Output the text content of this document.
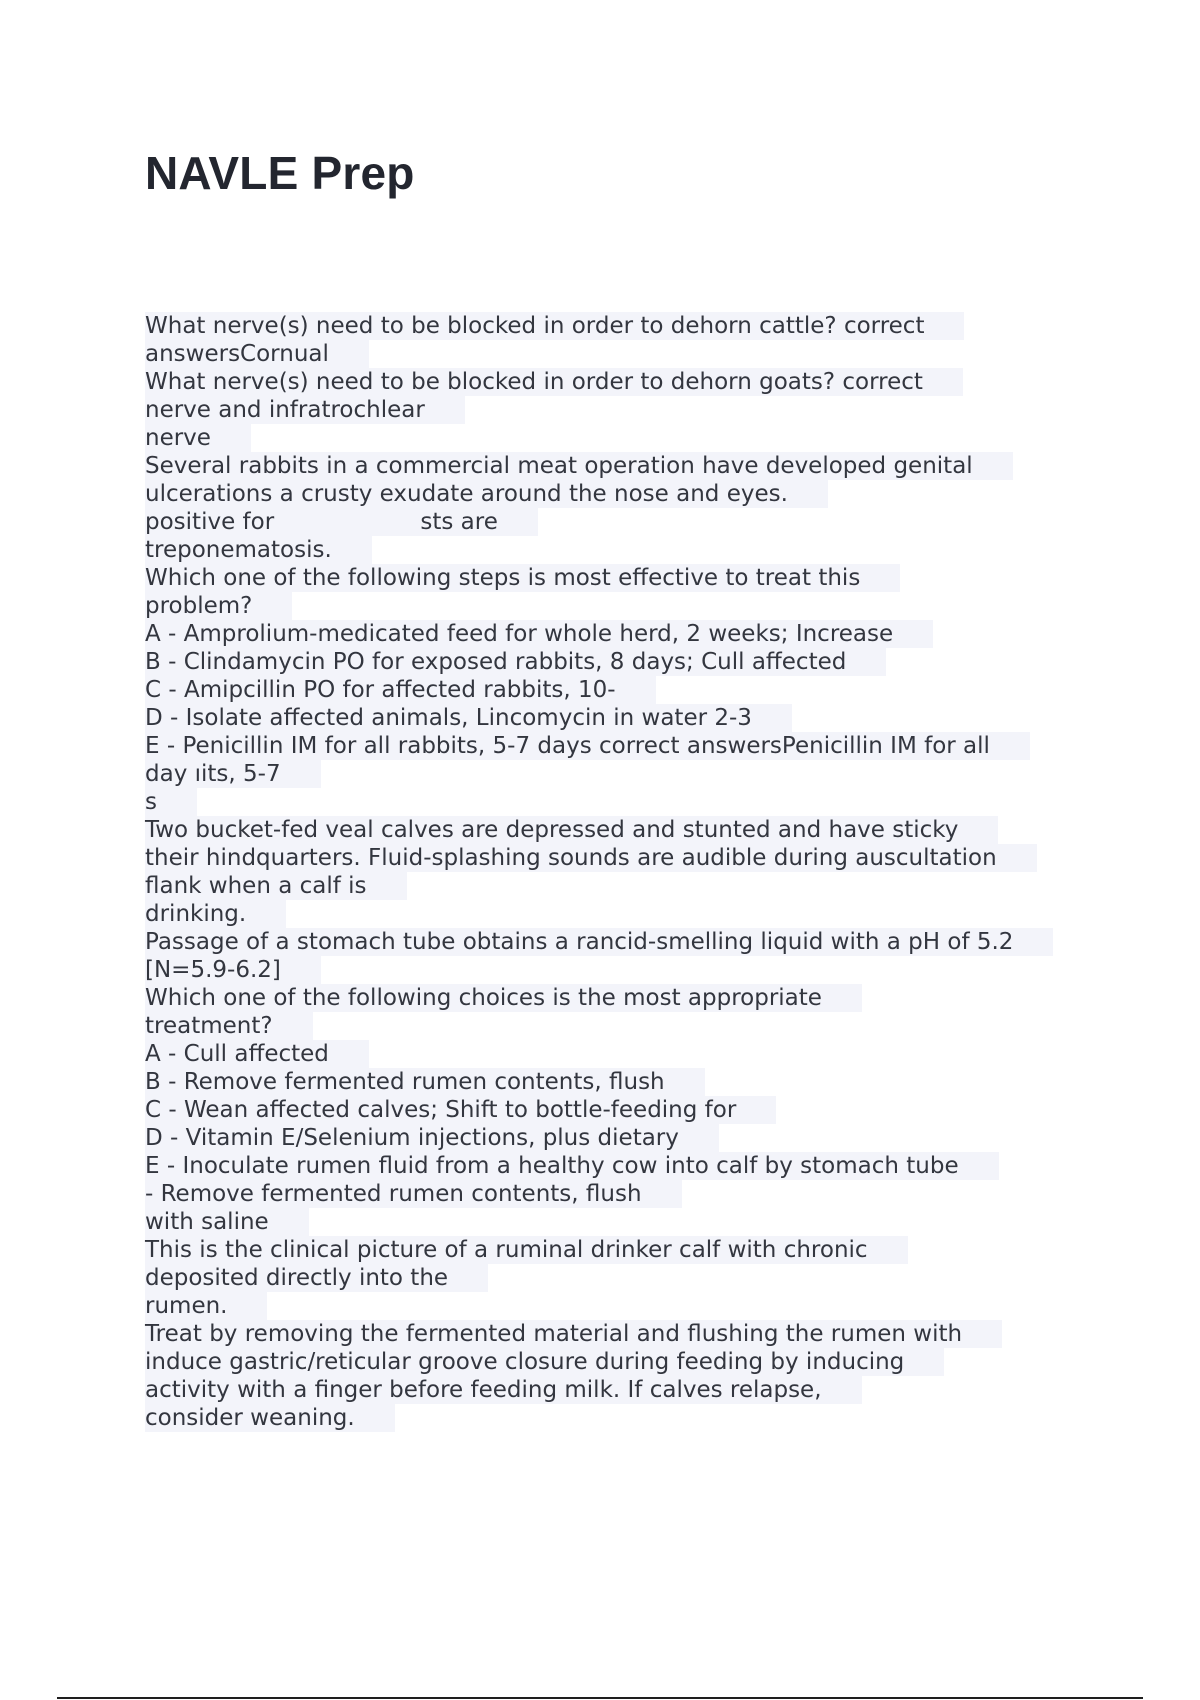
NAVLE Prep
What nerve(s) need to be blocked in order to dehorn cattle? correct
answersCornual
What nerve(s) need to be blocked in order to dehorn goats? correct
nerve and infratrochlear
nerve
Several rabbits in a commercial meat operation have developed genital
ulcerations a crusty exudate around the nose and eyes.
positive for                    sts are
treponematosis.
Which one of the following steps is most effective to treat this
problem?
A - Amprolium-medicated feed for whole herd, 2 weeks; Increase
B - Clindamycin PO for exposed rabbits, 8 days; Cull affected
C - Amipcillin PO for affected rabbits, 10-
D - Isolate affected animals, Lincomycin in water 2-3
E - Penicillin IM for all rabbits, 5-7 days correct answersPenicillin IM for all
day ıits, 5-7
s
Two bucket-fed veal calves are depressed and stunted and have sticky
their hindquarters. Fluid-splashing sounds are audible during auscultation
flank when a calf is
drinking.
Passage of a stomach tube obtains a rancid-smelling liquid with a pH of 5.2
[N=5.9-6.2]
Which one of the following choices is the most appropriate
treatment?
A - Cull affected
B - Remove fermented rumen contents, flush
C - Wean affected calves; Shift to bottle-feeding for
D - Vitamin E/Selenium injections, plus dietary
E - Inoculate rumen fluid from a healthy cow into calf by stomach tube
- Remove fermented rumen contents, flush
with saline
This is the clinical picture of a ruminal drinker calf with chronic
deposited directly into the
rumen.
Treat by removing the fermented material and flushing the rumen with
induce gastric/reticular groove closure during feeding by inducing
activity with a finger before feeding milk. If calves relapse,
consider weaning.
